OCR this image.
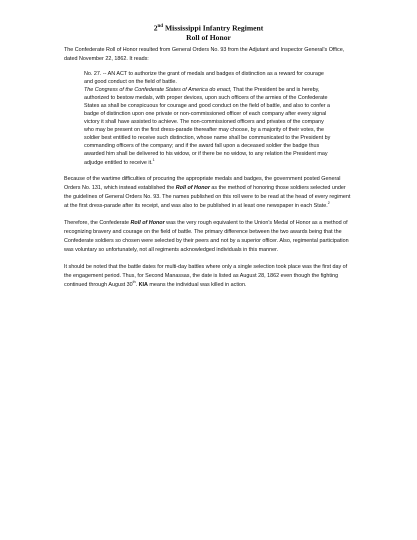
2nd Mississippi Infantry Regiment
Roll of Honor

The Confederate Roll of Honor resulted from General Orders No. 93 from the Adjutant and Inspector General's Office, dated November 22, 1862. It reads:

No. 27. -- AN ACT to authorize the grant of medals and badges of distinction as a reward for courage and good conduct on the field of battle.

The Congress of the Confederate States of America do enact, That the President be and is hereby, authorized to bestow medals, with proper devices, upon such officers of the armies of the Confederate States as shall be conspicuous for courage and good conduct on the field of battle, and also to confer a badge of distinction upon one private or non-commissioned officer of each company after every signal victory it shall have assisted to achieve. The non-commissioned officers and privates of the company who may be present on the first dress-parade thereafter may choose, by a majority of their votes, the soldier best entitled to receive such distinction, whose name shall be communicated to the President by commanding officers of the company; and if the award fall upon a deceased soldier the badge thus awarded him shall be delivered to his widow, or if there be no widow, to any relation the President may adjudge entitled to receive it.$^1$

Because of the wartime difficulties of procuring the appropriate medals and badges, the government posted General Orders No. 131, which instead established the Roll of Honor as the method of honoring those soldiers selected under the guidelines of General Orders No. 93. The names published on this roll were to be read at the head of every regiment at the first dress-parade after its receipt, and was also to be published in at least one newspaper in each State.$^2$

Therefore, the Confederate Roll of Honor was the very rough equivalent to the Union's Medal of Honor as a method of recognizing bravery and courage on the field of battle. The primary difference between the two awards being that the Confederate soldiers so chosen were selected by their peers and not by a superior officer. Also, regimental participation was voluntary so unfortunately, not all regiments acknowledged individuals in this manner.

It should be noted that the battle dates for multi-day battles where only a single selection took place was the first day of the engagement period. Thus, for Second Manassas, the date is listed as August 28, 1862 even though the fighting continued through August 30th. KIA means the individual was killed in action.
